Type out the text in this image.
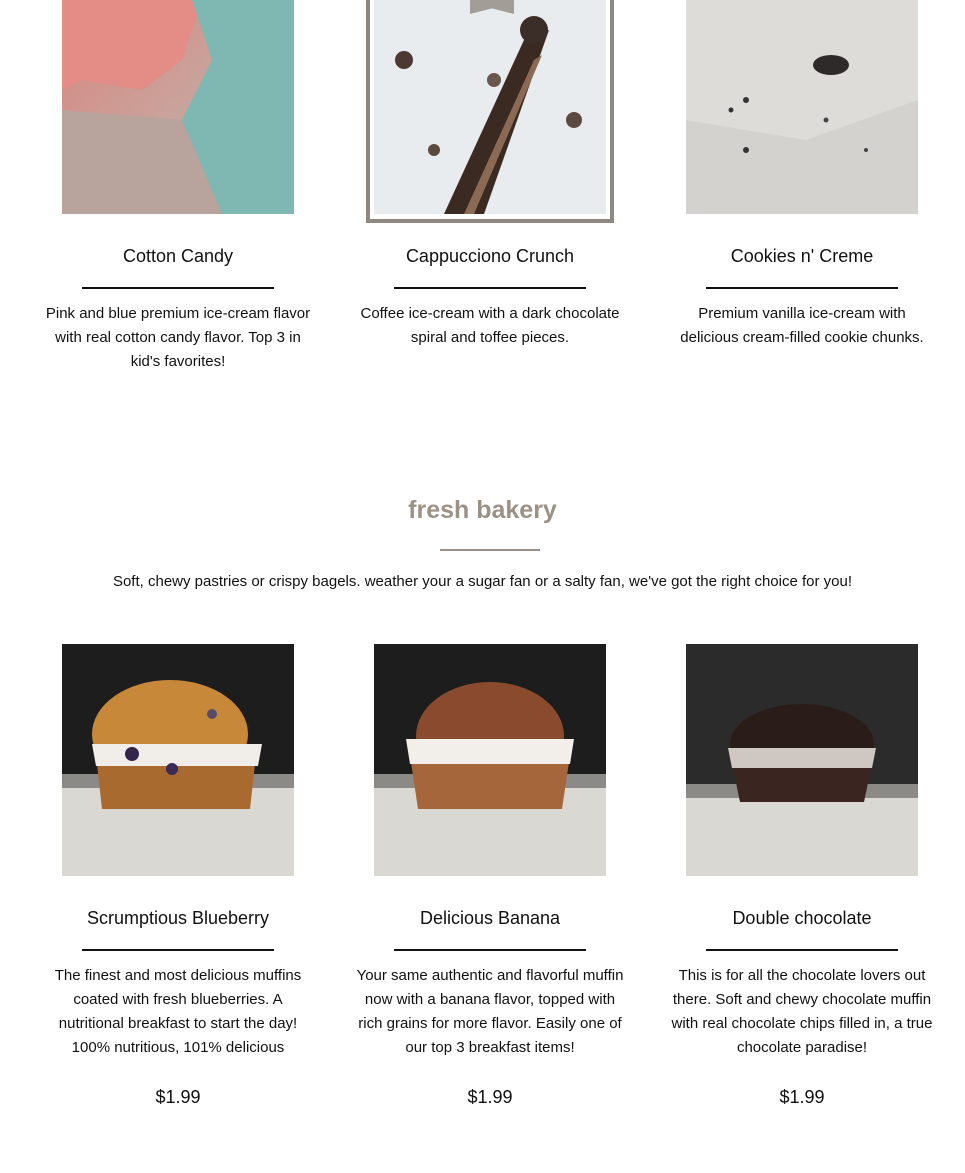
Cotton Candy	Cappucciono Crunch	Cookies n' Creme
Pink and blue premium ice-cream flavor with real cotton candy flavor. Top 3 in kid's favorites!
Coffee ice-cream with a dark chocolate spiral and toffee pieces.
Premium vanilla ice-cream with delicious cream-filled cookie chunks.
fresh bakery
Soft, chewy pastries or crispy bagels. weather your a sugar fan or a salty fan, we've got the right choice for you!
Scrumptious Blueberry	Delicious Banana	Double chocolate
The finest and most delicious muffins coated with fresh blueberries. A nutritional breakfast to start the day! 100% nutritious, 101% delicious
Your same authentic and flavorful muffin now with a banana flavor, topped with rich grains for more flavor. Easily one of our top 3 breakfast items!
This is for all the chocolate lovers out there. Soft and chewy chocolate muffin with real chocolate chips filled in, a true chocolate paradise!
$1.99	$1.99	$1.99
